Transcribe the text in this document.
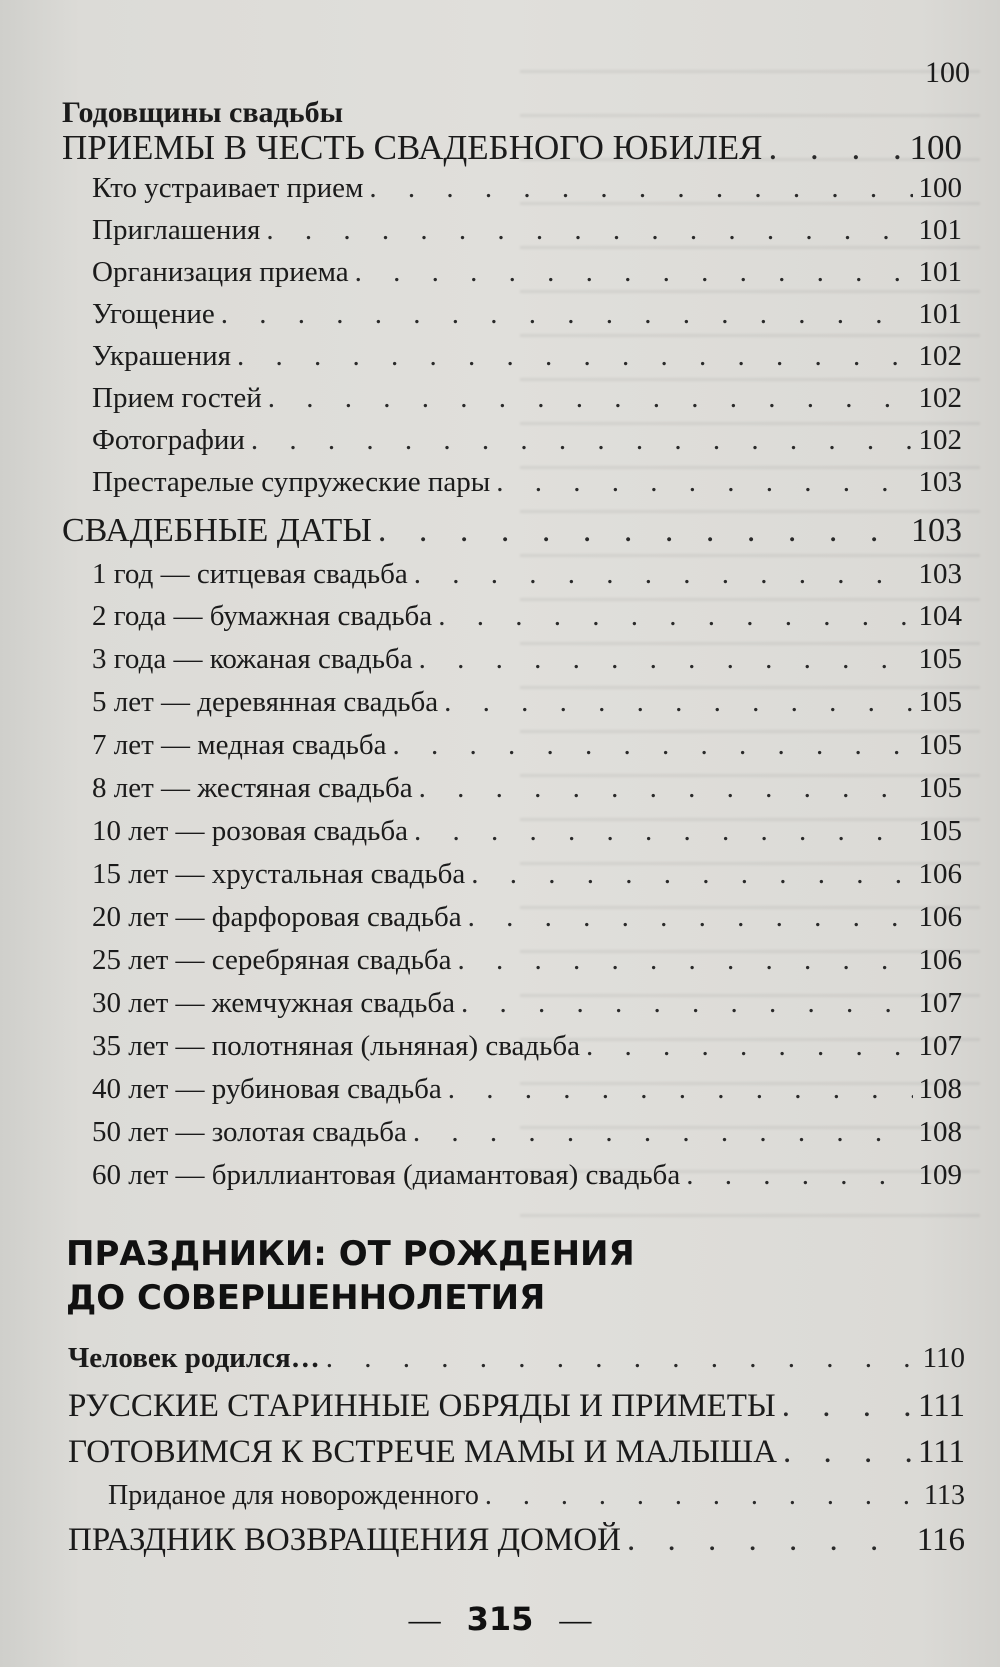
100
Годовщины свадьбы
ПРИЕМЫ В ЧЕСТЬ СВАДЕБНОГО ЮБИЛЕЯ . . .	100
Кто устраивает прием . . .	100
Приглашения . . .	101
Организация приема . . .	101
Угощение . . .	101
Украшения . . .	102
Прием гостей . . .	102
Фотографии . . .	102
Престарелые супружеские пары . . .	103
СВАДЕБНЫЕ ДАТЫ . . .	103
1 год — ситцевая свадьба . . .	103
2 года — бумажная свадьба . . .	104
3 года — кожаная свадьба . . .	105
5 лет — деревянная свадьба . . .	105
7 лет — медная свадьба . . .	105
8 лет — жестяная свадьба . . .	105
10 лет — розовая свадьба . . .	105
15 лет — хрустальная свадьба . . .	106
20 лет — фарфоровая свадьба . . .	106
25 лет — серебряная свадьба . . .	106
30 лет — жемчужная свадьба . . .	107
35 лет — полотняная (льняная) свадьба . . .	107
40 лет — рубиновая свадьба . . .	108
50 лет — золотая свадьба . . .	108
60 лет — бриллиантовая (диамантовая) свадьба . . .	109
ПРАЗДНИКИ: ОТ РОЖДЕНИЯ
ДО СОВЕРШЕННОЛЕТИЯ
Человек родился… . . .	110
РУССКИЕ СТАРИННЫЕ ОБРЯДЫ И ПРИМЕТЫ . . .	111
ГОТОВИМСЯ К ВСТРЕЧЕ МАМЫ И МАЛЫША . . .	111
Приданое для новорожденного . . .	113
ПРАЗДНИК ВОЗВРАЩЕНИЯ ДОМОЙ . . .	116
— 315 —
